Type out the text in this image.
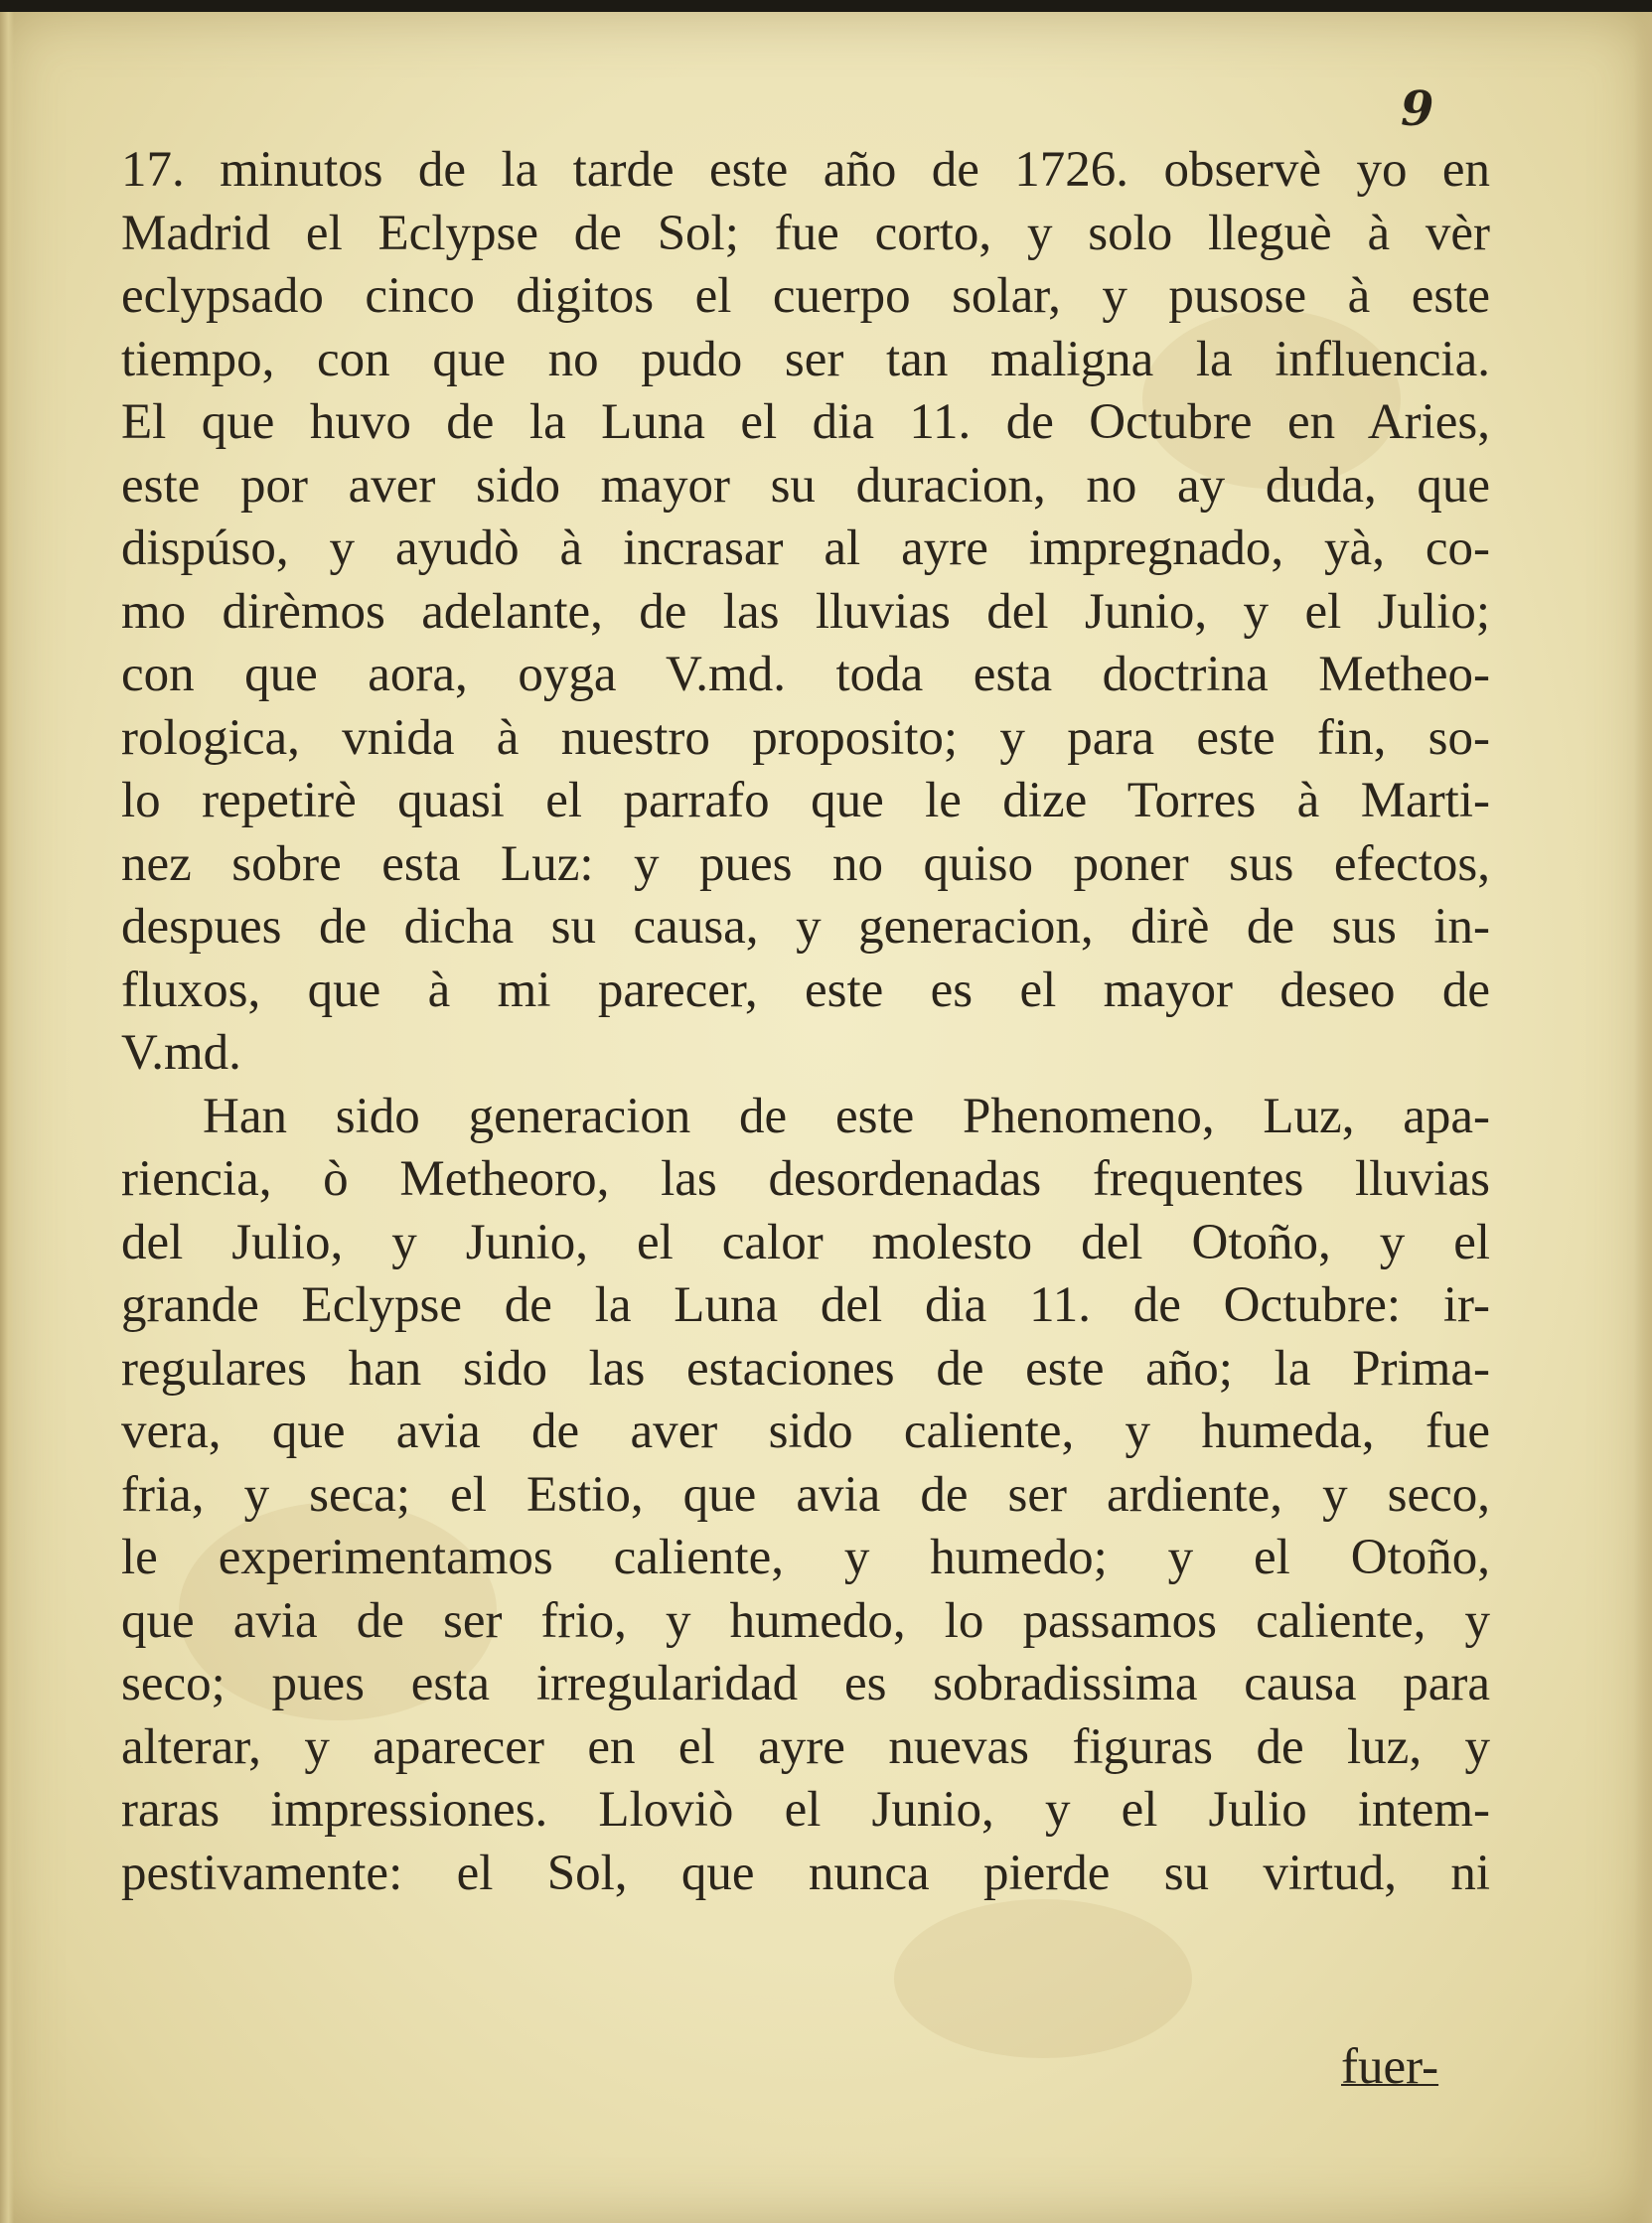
9
17. minutos de la tarde este año de 1726. observè yo en
Madrid el Eclypse de Sol; fue corto, y solo lleguè à vèr
eclypsado cinco digitos el cuerpo solar, y pusose à este
tiempo, con que no pudo ser tan maligna la influencia.
El que huvo de la Luna el dia 11. de Octubre en Aries,
este por aver sido mayor su duracion, no ay duda, que
dispúso, y ayudò à incrasar al ayre impregnado, yà, co-
mo dirèmos adelante, de las lluvias del Junio, y el Julio;
con que aora, oyga V.md. toda esta doctrina Metheo-
rologica, vnida à nuestro proposito; y para este fin, so-
lo repetirè quasi el parrafo que le dize Torres à Marti-
nez sobre esta Luz: y pues no quiso poner sus efectos,
despues de dicha su causa, y generacion, dirè de sus in-
fluxos, que à mi parecer, este es el mayor deseo de
V.md.
Han sido generacion de este Phenomeno, Luz, apa-
riencia, ò Metheoro, las desordenadas frequentes lluvias
del Julio, y Junio, el calor molesto del Otoño, y el
grande Eclypse de la Luna del dia 11. de Octubre: ir-
regulares han sido las estaciones de este año; la Prima-
vera, que avia de aver sido caliente, y humeda, fue
fria, y seca; el Estio, que avia de ser ardiente, y seco,
le experimentamos caliente, y humedo; y el Otoño,
que avia de ser frio, y humedo, lo passamos caliente, y
seco; pues esta irregularidad es sobradissima causa para
alterar, y aparecer en el ayre nuevas figuras de luz, y
raras impressiones. Lloviò el Junio, y el Julio intem-
pestivamente: el Sol, que nunca pierde su virtud, ni
fuer-
